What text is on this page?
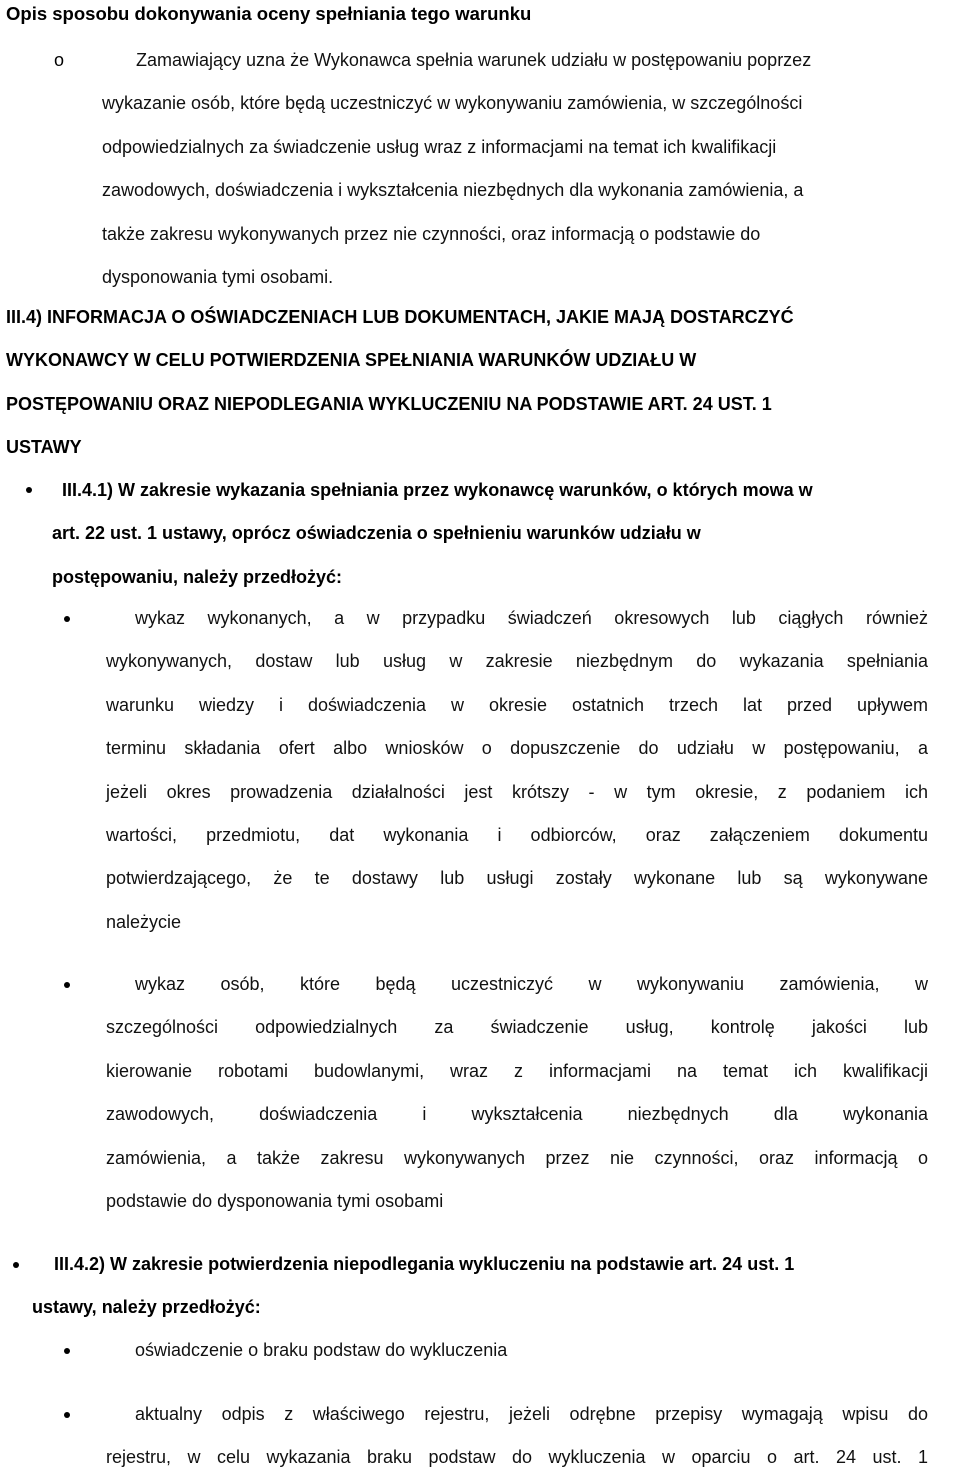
Opis sposobu dokonywania oceny spełniania tego warunku
o	Zamawiający uzna że Wykonawca spełnia warunek udziału w postępowaniu poprzez
wykazanie osób, które będą uczestniczyć w wykonywaniu zamówienia, w szczególności
odpowiedzialnych za świadczenie usług wraz z informacjami na temat ich kwalifikacji
zawodowych, doświadczenia i wykształcenia niezbędnych dla wykonania zamówienia, a
także zakresu wykonywanych przez nie czynności, oraz informacją o podstawie do
dysponowania tymi osobami.
III.4) INFORMACJA O OŚWIADCZENIACH LUB DOKUMENTACH, JAKIE MAJĄ DOSTARCZYĆ
WYKONAWCY W CELU POTWIERDZENIA SPEŁNIANIA WARUNKÓW UDZIAŁU W
POSTĘPOWANIU ORAZ NIEPODLEGANIA WYKLUCZENIU NA PODSTAWIE ART. 24 UST. 1
USTAWY
III.4.1) W zakresie wykazania spełniania przez wykonawcę warunków, o których mowa w
art. 22 ust. 1 ustawy, oprócz oświadczenia o spełnieniu warunków udziału w
postępowaniu, należy przedłożyć:
wykaz wykonanych, a w przypadku świadczeń okresowych lub ciągłych również
wykonywanych, dostaw lub usług w zakresie niezbędnym do wykazania spełniania
warunku wiedzy i doświadczenia w okresie ostatnich trzech lat przed upływem
terminu składania ofert albo wniosków o dopuszczenie do udziału w postępowaniu, a
jeżeli okres prowadzenia działalności jest krótszy - w tym okresie, z podaniem ich
wartości, przedmiotu, dat wykonania i odbiorców, oraz załączeniem dokumentu
potwierdzającego, że te dostawy lub usługi zostały wykonane lub są wykonywane
należycie
wykaz osób, które będą uczestniczyć w wykonywaniu zamówienia, w
szczególności odpowiedzialnych za świadczenie usług, kontrolę jakości lub
kierowanie robotami budowlanymi, wraz z informacjami na temat ich kwalifikacji
zawodowych, doświadczenia i wykształcenia niezbędnych dla wykonania
zamówienia, a także zakresu wykonywanych przez nie czynności, oraz informacją o
podstawie do dysponowania tymi osobami
III.4.2) W zakresie potwierdzenia niepodlegania wykluczeniu na podstawie art. 24 ust. 1
ustawy, należy przedłożyć:
oświadczenie o braku podstaw do wykluczenia
aktualny odpis z właściwego rejestru, jeżeli odrębne przepisy wymagają wpisu do
rejestru, w celu wykazania braku podstaw do wykluczenia w oparciu o art. 24 ust. 1
